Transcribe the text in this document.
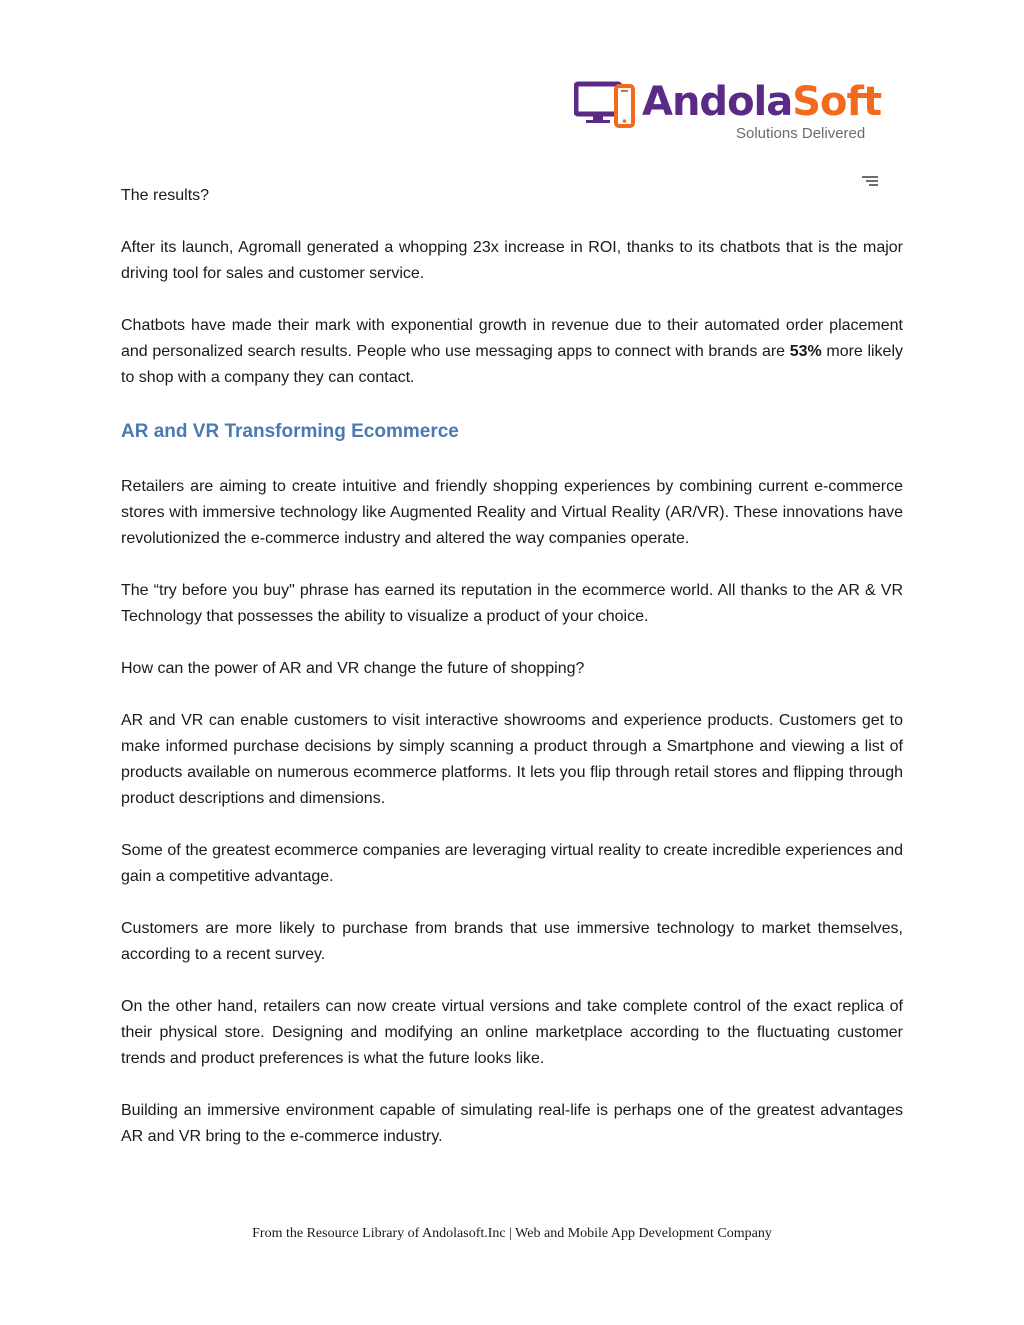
AndolaSoft
Solutions Delivered

The results?

After its launch, Agromall generated a whopping 23x increase in ROI, thanks to its chatbots that is the major driving tool for sales and customer service.

Chatbots have made their mark with exponential growth in revenue due to their automated order placement and personalized search results. People who use messaging apps to connect with brands are 53% more likely to shop with a company they can contact.

AR and VR Transforming Ecommerce

Retailers are aiming to create intuitive and friendly shopping experiences by combining current e-commerce stores with immersive technology like Augmented Reality and Virtual Reality (AR/VR). These innovations have revolutionized the e-commerce industry and altered the way companies operate.

The “try before you buy" phrase has earned its reputation in the ecommerce world. All thanks to the AR & VR Technology that possesses the ability to visualize a product of your choice.

How can the power of AR and VR change the future of shopping?

AR and VR can enable customers to visit interactive showrooms and experience products. Customers get to make informed purchase decisions by simply scanning a product through a Smartphone and viewing a list of products available on numerous ecommerce platforms. It lets you flip through retail stores and flipping through product descriptions and dimensions.

Some of the greatest ecommerce companies are leveraging virtual reality to create incredible experiences and gain a competitive advantage.

Customers are more likely to purchase from brands that use immersive technology to market themselves, according to a recent survey.

On the other hand, retailers can now create virtual versions and take complete control of the exact replica of their physical store. Designing and modifying an online marketplace according to the fluctuating customer trends and product preferences is what the future looks like.

Building an immersive environment capable of simulating real-life is perhaps one of the greatest advantages AR and VR bring to the e-commerce industry.

From the Resource Library of Andolasoft.Inc | Web and Mobile App Development Company
